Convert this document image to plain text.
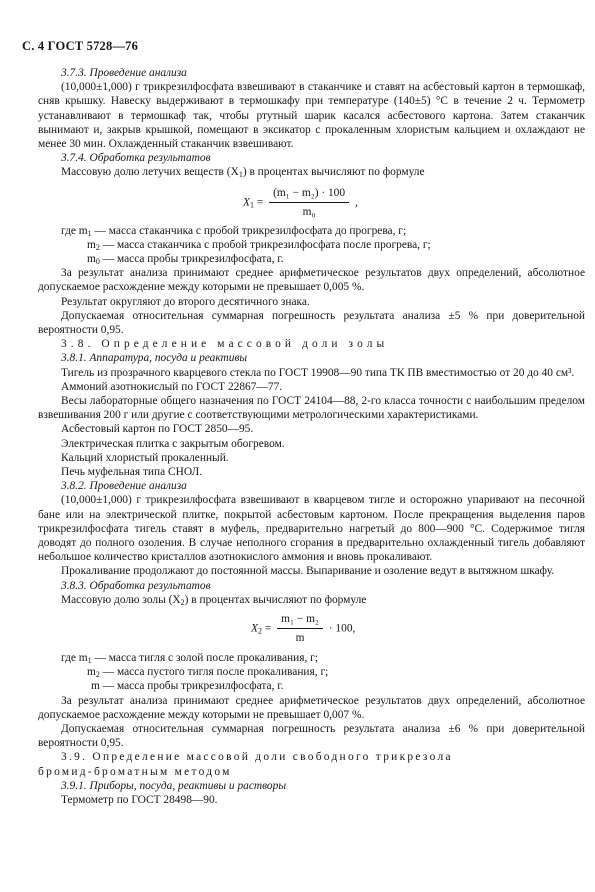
С. 4 ГОСТ 5728—76

3.7.3. Проведение анализа

(10,000±1,000) г трикрезилфосфата взвешивают в стаканчике и ставят на асбестовый картон в термошкаф, сняв крышку. Навеску выдерживают в термошкафу при температуре (140±5) °С в течение 2 ч. Термометр устанавливают в термошкаф так, чтобы ртутный шарик касался асбестового картона. Затем стаканчик вынимают и, закрыв крышкой, помещают в эксикатор с прокаленным хлористым кальцием и охлаждают не менее 30 мин. Охлажденный стаканчик взвешивают.

3.7.4. Обработка результатов

Массовую долю летучих веществ $(X_1)$ в процентах вычисляют по формуле

$X_1 = \frac{\text{(m₁ − m₂) · 100}}{\text{m₀}}$ ,
где $m_1$ — масса стаканчика с пробой трикрезилфосфата до прогрева, г;
$m_2$ — масса стаканчика с пробой трикрезилфосфата после прогрева, г;
$m_0$ — масса пробы трикрезилфосфата, г.

За результат анализа принимают среднее арифметическое результатов двух определений, абсолютное допускаемое расхождение между которыми не превышает 0,005 %.

Результат округляют до второго десятичного знака.

Допускаемая относительная суммарная погрешность результата анализа ±5 % при доверительной вероятности 0,95.

3.8. Определение массовой доли золы

3.8.1. Аппаратура, посуда и реактивы

Тигель из прозрачного кварцевого стекла по ГОСТ 19908—90 типа ТК ПВ вместимостью от 20 до 40 см³.

Аммоний азотнокислый по ГОСТ 22867—77.

Весы лабораторные общего назначения по ГОСТ 24104—88, 2-го класса точности с наибольшим пределом взвешивания 200 г или другие с соответствующими метрологическими характеристиками.

Асбестовый картон по ГОСТ 2850—95.

Электрическая плитка с закрытым обогревом.

Кальций хлористый прокаленный.

Печь муфельная типа СНОЛ.

3.8.2. Проведение анализа

(10,000±1,000) г трикрезилфосфата взвешивают в кварцевом тигле и осторожно упаривают на песочной бане или на электрической плитке, покрытой асбестовым картоном. После прекращения выделения паров трикрезилфосфата тигель ставят в муфель, предварительно нагретый до 800—900 °С. Содержимое тигля доводят до полного озоления. В случае неполного сгорания в предварительно охлажденный тигель добавляют небольшое количество кристаллов азотнокислого аммония и вновь прокаливают.

Прокаливание продолжают до постоянной массы. Выпаривание и озоление ведут в вытяжном шкафу.

3.8.3. Обработка результатов

Массовую долю золы $(X_2)$ в процентах вычисляют по формуле

$X_2 = \frac{\text{m₁ − m₂}}{m} \cdot 100$,
где $m_1$ — масса тигля с золой после прокаливания, г;
$m_2$ — масса пустого тигля после прокаливания, г;
m — масса пробы трикрезилфосфата, г.

За результат анализа принимают среднее арифметическое результатов двух определений, абсолютное допускаемое расхождение между которыми не превышает 0,007 %.

Допускаемая относительная суммарная погрешность результата анализа ±6 % при доверительной вероятности 0,95.

3.9. Определение массовой доли свободного трикрезола

бромид-броматным методом

3.9.1. Приборы, посуда, реактивы и растворы

Термометр по ГОСТ 28498—90.
